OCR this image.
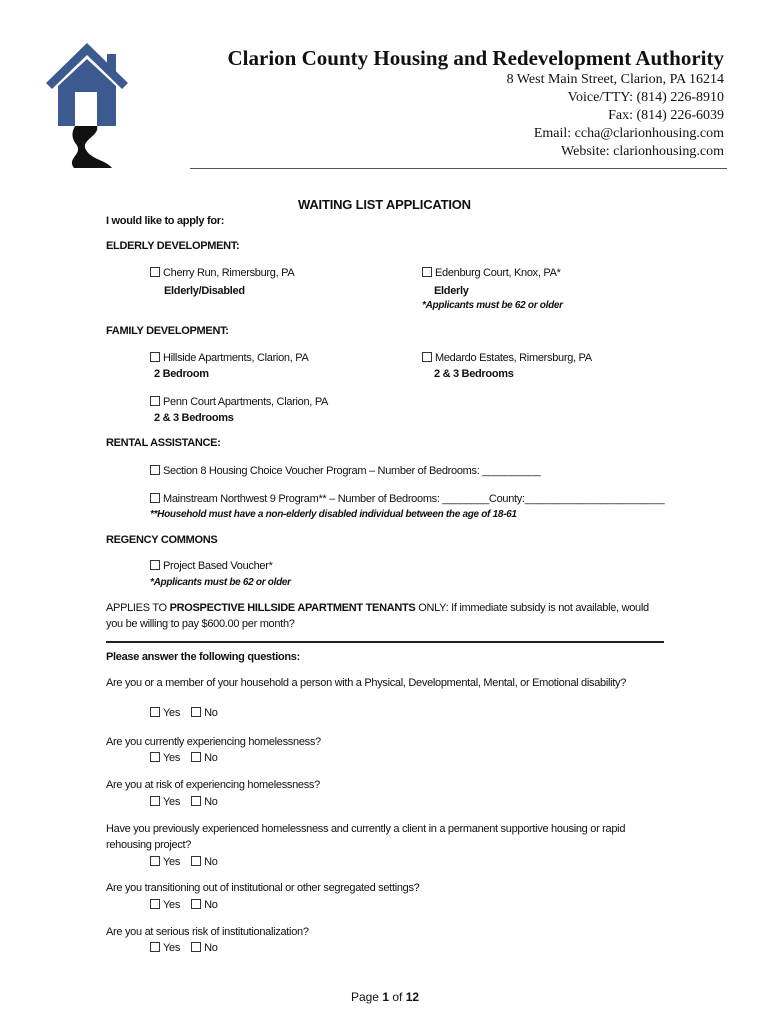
Clarion County Housing and Redevelopment Authority
8 West Main Street, Clarion, PA 16214
Voice/TTY: (814) 226-8910
Fax: (814) 226-6039
Email: ccha@clarionhousing.com
Website: clarionhousing.com
WAITING LIST APPLICATION
I would like to apply for:
ELDERLY DEVELOPMENT:
Cherry Run, Rimersburg, PA
Elderly/Disabled
Edenburg Court, Knox, PA*
Elderly
*Applicants must be 62 or older
FAMILY DEVELOPMENT:
Hillside Apartments, Clarion, PA
2 Bedroom
Medardo Estates, Rimersburg, PA
2 & 3 Bedrooms
Penn Court Apartments, Clarion, PA
2 & 3 Bedrooms
RENTAL ASSISTANCE:
Section 8 Housing Choice Voucher Program – Number of Bedrooms: __________
Mainstream Northwest 9 Program** – Number of Bedrooms: ________County:________________________
**Household must have a non-elderly disabled individual between the age of 18-61
REGENCY COMMONS
Project Based Voucher*
*Applicants must be 62 or older
APPLIES TO PROSPECTIVE HILLSIDE APARTMENT TENANTS ONLY: If immediate subsidy is not available, would
you be willing to pay $600.00 per month?
Please answer the following questions:
Are you or a member of your household a person with a Physical, Developmental, Mental, or Emotional disability?
Yes No
Are you currently experiencing homelessness?
Yes No
Are you at risk of experiencing homelessness?
Yes No
Have you previously experienced homelessness and currently a client in a permanent supportive housing or rapid
rehousing project?
Yes No
Are you transitioning out of institutional or other segregated settings?
Yes No
Are you at serious risk of institutionalization?
Yes No
Page 1 of 12
